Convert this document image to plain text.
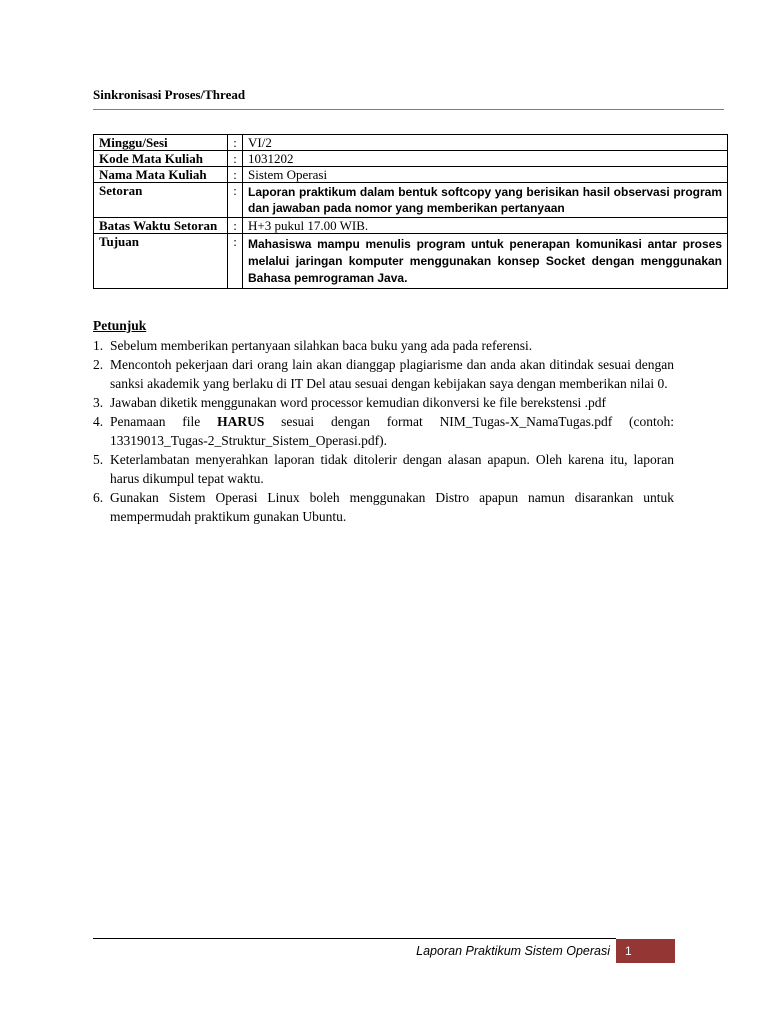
Sinkronisasi Proses/Thread
Minggu/Sesi	:	VI/2
Kode Mata Kuliah	:	1031202
Nama Mata Kuliah	:	Sistem Operasi
Setoran	:	Laporan praktikum dalam bentuk softcopy yang berisikan hasil observasi program dan jawaban pada nomor yang memberikan pertanyaan
Batas Waktu Setoran	:	H+3 pukul 17.00 WIB.
Tujuan	:	Mahasiswa mampu menulis program untuk penerapan komunikasi antar proses melalui jaringan komputer menggunakan konsep Socket dengan menggunakan Bahasa pemrograman Java.
Petunjuk
1. Sebelum memberikan pertanyaan silahkan baca buku yang ada pada referensi.
2. Mencontoh pekerjaan dari orang lain akan dianggap plagiarisme dan anda akan ditindak sesuai dengan sanksi akademik yang berlaku di IT Del atau sesuai dengan kebijakan saya dengan memberikan nilai 0.
3. Jawaban diketik menggunakan word processor kemudian dikonversi ke file berekstensi .pdf
4. Penamaan file HARUS sesuai dengan format NIM_Tugas-X_NamaTugas.pdf (contoh: 13319013_Tugas-2_Struktur_Sistem_Operasi.pdf).
5. Keterlambatan menyerahkan laporan tidak ditolerir dengan alasan apapun. Oleh karena itu, laporan harus dikumpul tepat waktu.
6. Gunakan Sistem Operasi Linux boleh menggunakan Distro apapun namun disarankan untuk mempermudah praktikum gunakan Ubuntu.
Laporan Praktikum Sistem Operasi	1
